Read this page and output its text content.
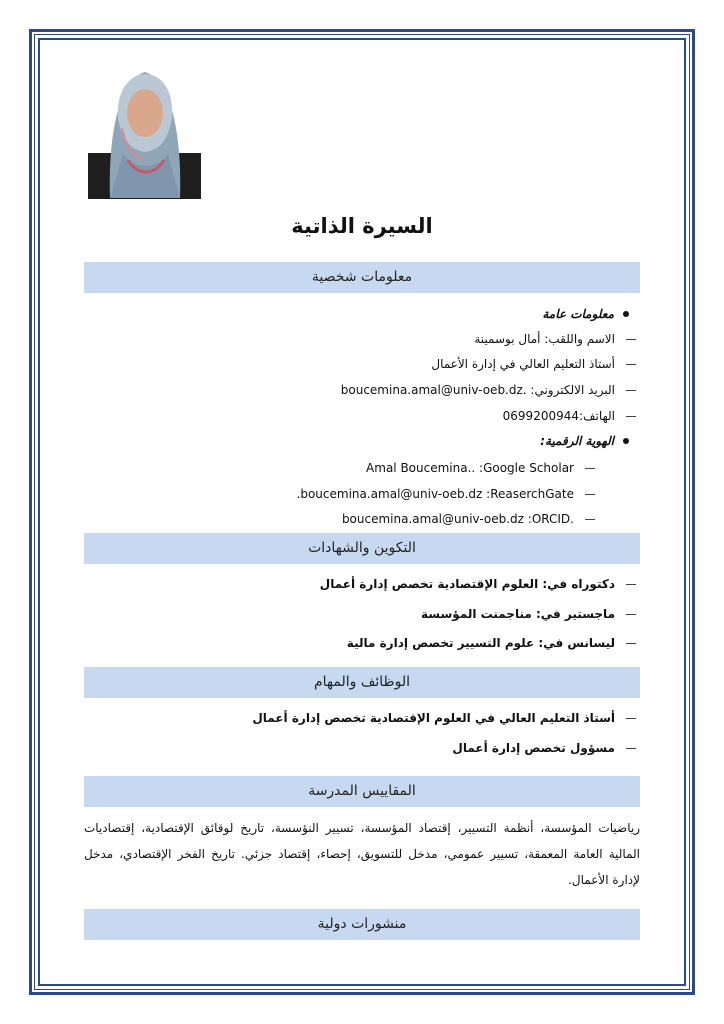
السيرة الذاتية
معلومات شخصية
معلومات عامة
الاسم واللقب: أمال بوسمينة
أستاذ التعليم العالي في إدارة الأعمال
البريد الالكتروني: .boucemina.amal@univ-oeb.dz
الهاتف:0699200944
الهوية الرقمية:
Amal Boucemina.. :Google Scholar
boucemina.amal@univ-oeb.dz :ReaserchGate.
.boucemina.amal@univ-oeb.dz :ORCID
التكوين والشهادات
دكتوراه في: العلوم الإقتصادية تخصص إدارة أعمال
ماجستير في: مناجمنت المؤسسة
ليسانس في: علوم التسيير تخصص إدارة مالية
الوظائف والمهام
أستاذ التعليم العالي في العلوم الإقتصادية تخصص إدارة أعمال
مسؤول تخصص إدارة أعمال
المقاييس المدرسة
رياضيات المؤسسة، أنظمة التسيير، إقتصاد المؤسسة، تسيير النؤسسة، تاريخ لوقائق الإقتصادية، إقتصاديات المالية العامة المعمقة، تسيير عمومي، مدخل للتسويق، إحصاء، إقتصاد جزئي. تاريخ الفخر الإقتصادي، مدخل لإدارة الأعمال.
منشورات دولية
